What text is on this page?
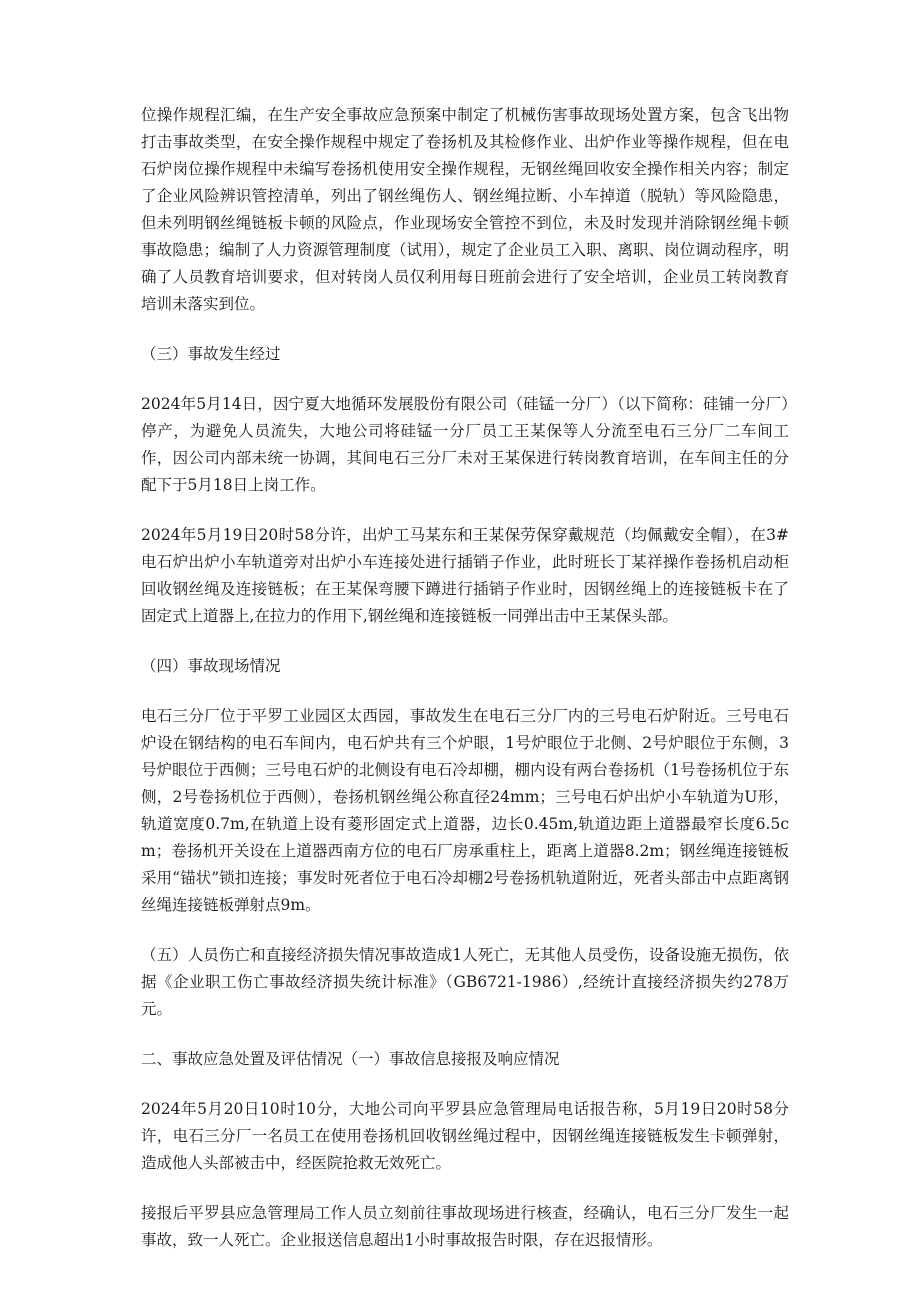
位操作规程汇编，在生产安全事故应急预案中制定了机械伤害事故现场处置方案，包含飞出物打击事故类型，在安全操作规程中规定了卷扬机及其检修作业、出炉作业等操作规程，但在电石炉岗位操作规程中未编写卷扬机使用安全操作规程，无钢丝绳回收安全操作相关内容；制定了企业风险辨识管控清单，列出了钢丝绳伤人、钢丝绳拉断、小车掉道（脱轨）等风险隐患，但未列明钢丝绳链板卡顿的风险点，作业现场安全管控不到位，未及时发现并消除钢丝绳卡顿事故隐患；编制了人力资源管理制度（试用），规定了企业员工入职、离职、岗位调动程序，明确了人员教育培训要求，但对转岗人员仅利用每日班前会进行了安全培训，企业员工转岗教育培训未落实到位。

（三）事故发生经过

2024年5月14日，因宁夏大地循环发展股份有限公司（硅锰一分厂）（以下简称：硅铺一分厂）停产，为避免人员流失，大地公司将硅锰一分厂员工王某保等人分流至电石三分厂二车间工作，因公司内部未统一协调，其间电石三分厂未对王某保进行转岗教育培训，在车间主任的分配下于5月18日上岗工作。

2024年5月19日20时58分许，出炉工马某东和王某保劳保穿戴规范（均佩戴安全帽），在3#电石炉出炉小车轨道旁对出炉小车连接处进行插销子作业，此时班长丁某祥操作卷扬机启动柜回收钢丝绳及连接链板；在王某保弯腰下蹲进行插销子作业时，因钢丝绳上的连接链板卡在了固定式上道器上,在拉力的作用下,钢丝绳和连接链板一同弹出击中王某保头部。

（四）事故现场情况

电石三分厂位于平罗工业园区太西园，事故发生在电石三分厂内的三号电石炉附近。三号电石炉设在钢结构的电石车间内，电石炉共有三个炉眼，1号炉眼位于北侧、2号炉眼位于东侧，3号炉眼位于西侧；三号电石炉的北侧设有电石冷却棚，棚内设有两台卷扬机（1号卷扬机位于东侧，2号卷扬机位于西侧），卷扬机钢丝绳公称直径24mm；三号电石炉出炉小车轨道为U形，轨道宽度0.7m,在轨道上设有菱形固定式上道器，边长0.45m,轨道边距上道器最窄长度6.5cm；卷扬机开关设在上道器西南方位的电石厂房承重柱上，距离上道器8.2m；钢丝绳连接链板采用“锚状”锁扣连接；事发时死者位于电石冷却棚2号卷扬机轨道附近，死者头部击中点距离钢丝绳连接链板弹射点9m。

（五）人员伤亡和直接经济损失情况事故造成1人死亡，无其他人员受伤，设备设施无损伤，依据《企业职工伤亡事故经济损失统计标准》（GB6721-1986）,经统计直接经济损失约278万元。

二、事故应急处置及评估情况（一）事故信息接报及响应情况

2024年5月20日10时10分，大地公司向平罗县应急管理局电话报告称，5月19日20时58分许，电石三分厂一名员工在使用卷扬机回收钢丝绳过程中，因钢丝绳连接链板发生卡顿弹射，造成他人头部被击中，经医院抢救无效死亡。

接报后平罗县应急管理局工作人员立刻前往事故现场进行核查，经确认，电石三分厂发生一起事故，致一人死亡。企业报送信息超出1小时事故报告时限，存在迟报情形。
